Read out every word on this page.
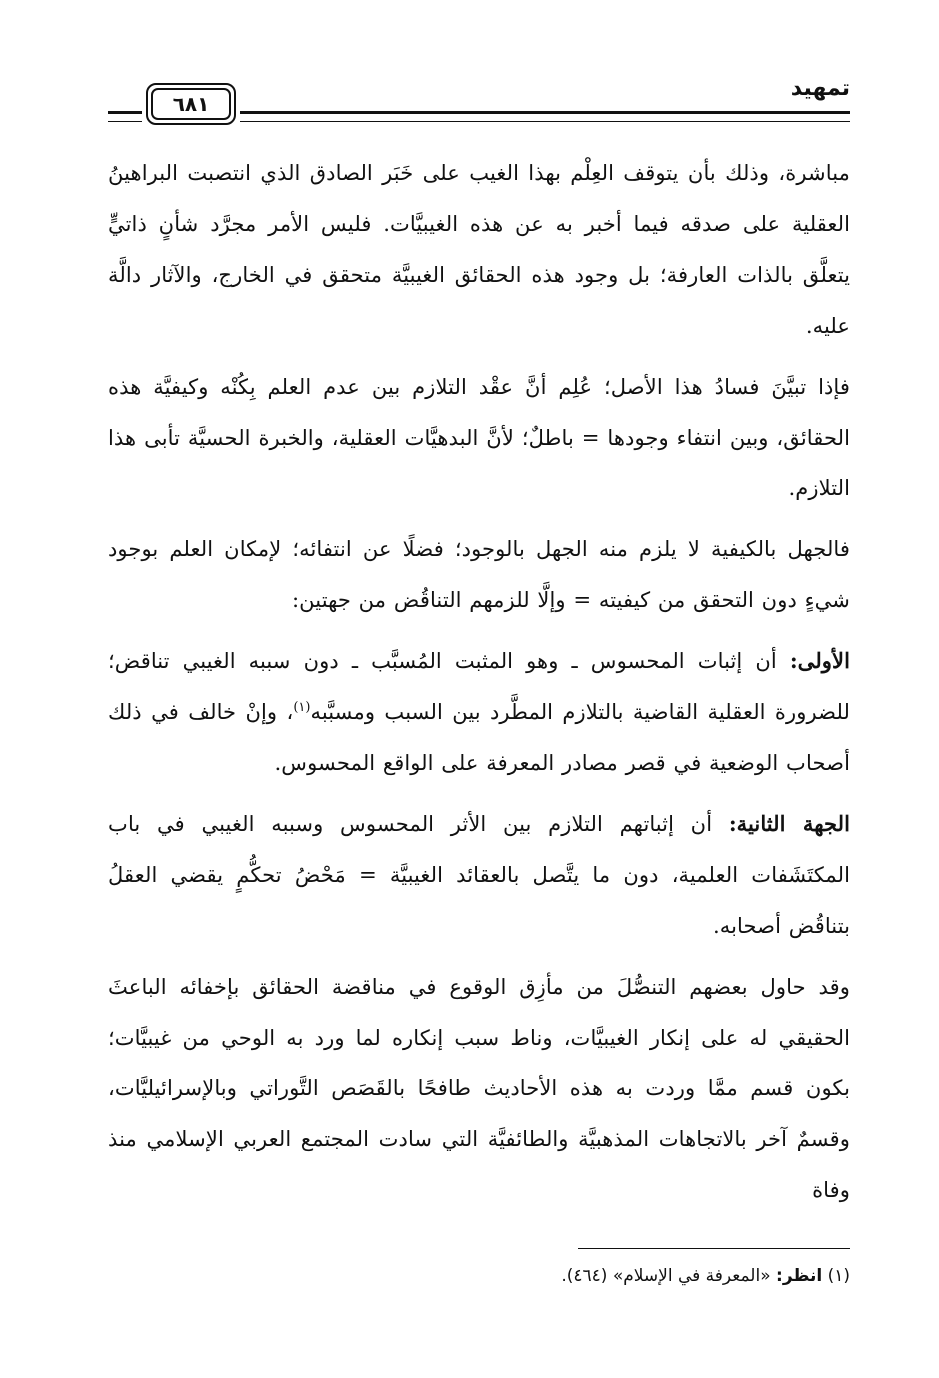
تمهيد
٦٨١

مباشرة، وذلك بأن يتوقف العِلْم بهذا الغيب على خَبَر الصادق الذي انتصبت البراهينُ العقلية على صدقه فيما أخبر به عن هذه الغيبيَّات. فليس الأمر مجرَّد شأنٍ ذاتيٍّ يتعلَّق بالذات العارفة؛ بل وجود هذه الحقائق الغيبيَّة متحقق في الخارج، والآثار دالَّة عليه.

فإذا تبيَّنَ فسادُ هذا الأصل؛ عُلِم أنَّ عقْد التلازم بين عدم العلم بِكُنْه وكيفيَّة هذه الحقائق، وبين انتفاء وجودها = باطلٌ؛ لأنَّ البدهيَّات العقلية، والخبرة الحسيَّة تأبى هذا التلازم.

فالجهل بالكيفية لا يلزم منه الجهل بالوجود؛ فضلًا عن انتفائه؛ لإمكان العلم بوجود شيءٍ دون التحقق من كيفيته = وإلَّا للزمهم التناقُض من جهتين:

الأولى: أن إثبات المحسوس ـ وهو المثبت المُسبَّب ـ دون سببه الغيبي تناقض؛ للضرورة العقلية القاضية بالتلازم المطَّرد بين السبب ومسبَّبه$^{(١)}$، وإنْ خالف في ذلك أصحاب الوضعية في قصر مصادر المعرفة على الواقع المحسوس.

الجهة الثانية: أن إثباتهم التلازم بين الأثر المحسوس وسببه الغيبي في باب المكتَشَفات العلمية، دون ما يتَّصل بالعقائد الغيبيَّة = مَحْضُ تحكُّمٍ يقضي العقلُ بتناقُض أصحابه.

وقد حاول بعضهم التنصُّلَ من مأزِق الوقوع في مناقضة الحقائق بإخفائه الباعثَ الحقيقي له على إنكار الغيبيَّات، وناط سبب إنكاره لما ورد به الوحي من غيبيَّات؛ بكون قسم ممَّا وردت به هذه الأحاديث طافحًا بالقَصَص التَّوراتي وبالإسرائيليَّات، وقسمٌ آخر بالاتجاهات المذهبيَّة والطائفيَّة التي سادت المجتمع العربي الإسلامي منذ وفاة

(١) انظر: «المعرفة في الإسلام» (٤٦٤).
